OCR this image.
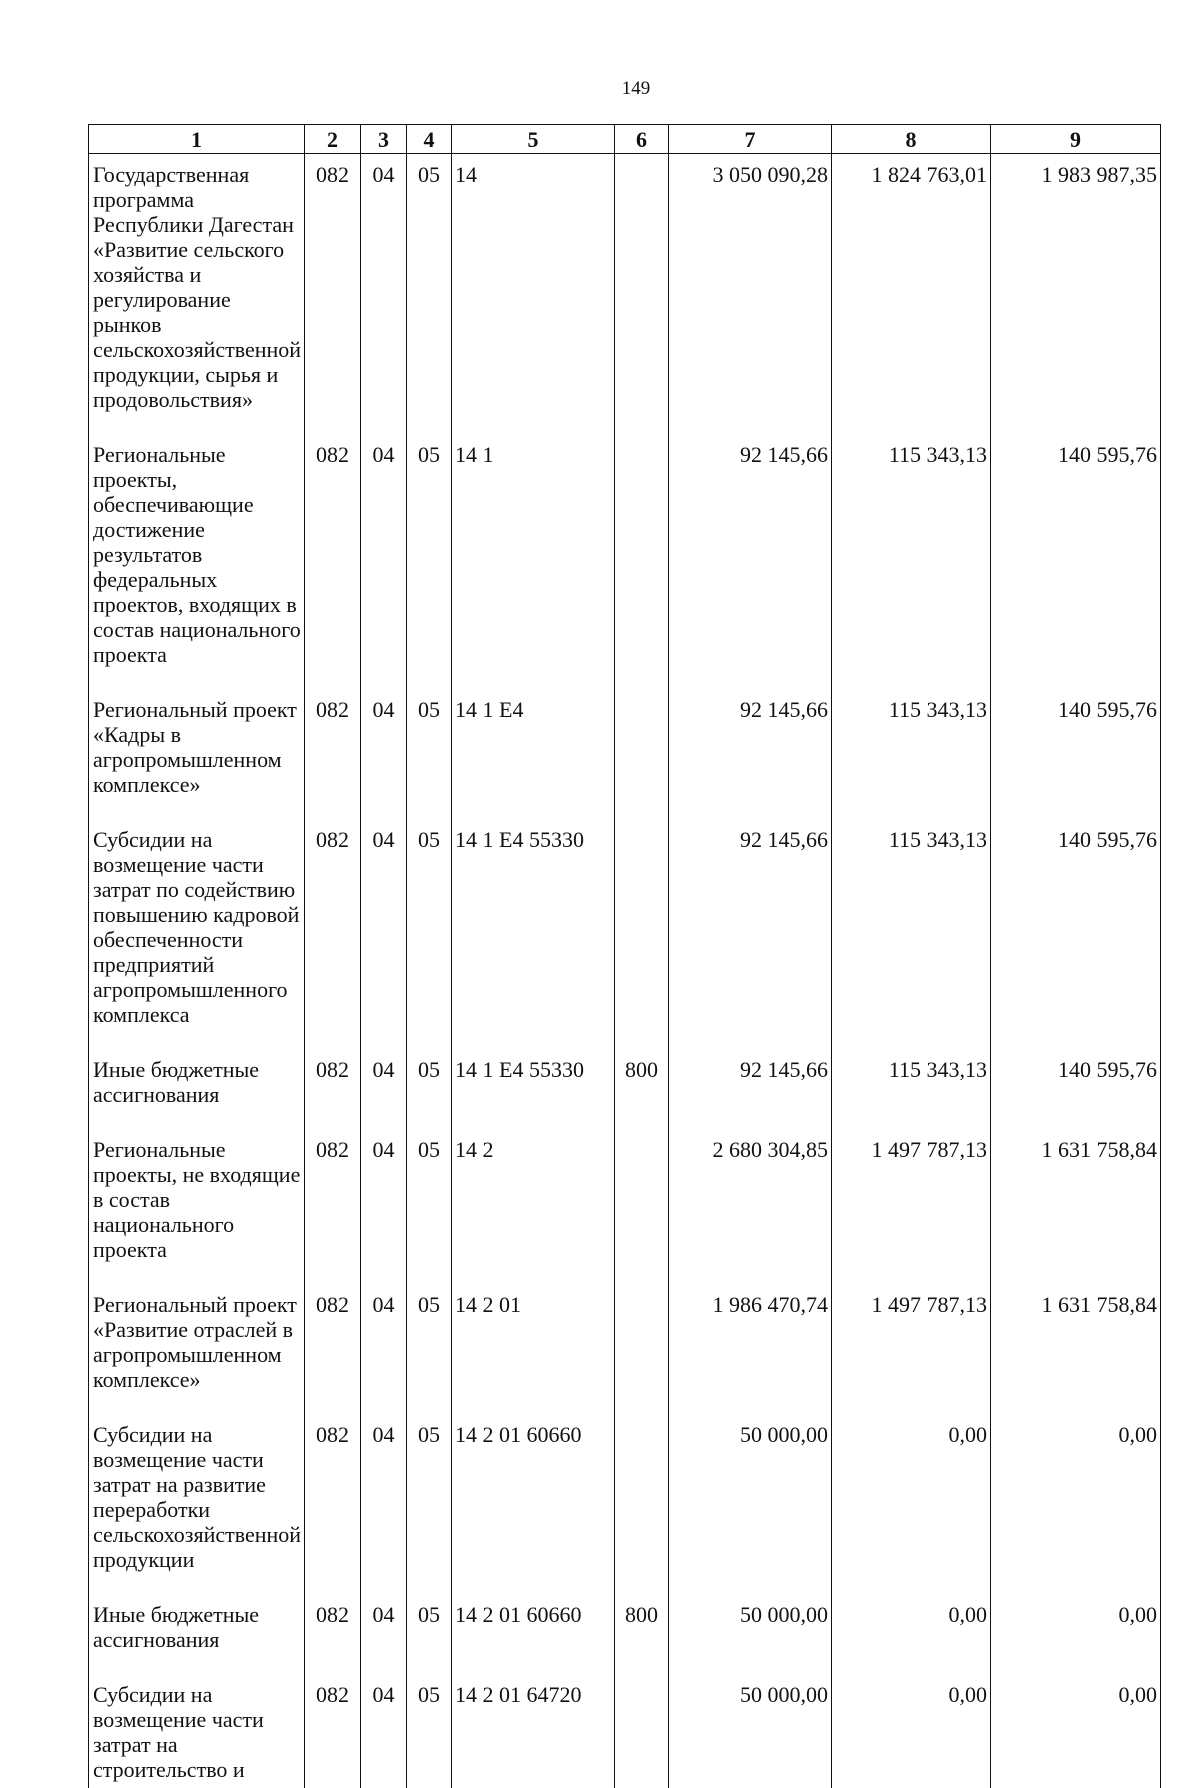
149
1	2	3	4	5	6	7	8	9
Государственная программа Республики Дагестан «Развитие сельского хозяйства и регулирование рынков сельскохозяйственной продукции, сырья и продовольствия»	082	04	05	14		3 050 090,28	1 824 763,01	1 983 987,35
Региональные проекты, обеспечивающие достижение результатов федеральных проектов, входящих в состав национального проекта	082	04	05	14 1		92 145,66	115 343,13	140 595,76
Региональный проект «Кадры в агропромышленном комплексе»	082	04	05	14 1 E4		92 145,66	115 343,13	140 595,76
Субсидии на возмещение части затрат по содействию повышению кадровой обеспеченности предприятий агропромышленного комплекса	082	04	05	14 1 E4 55330		92 145,66	115 343,13	140 595,76
Иные бюджетные ассигнования	082	04	05	14 1 E4 55330	800	92 145,66	115 343,13	140 595,76
Региональные проекты, не входящие в состав национального проекта	082	04	05	14 2		2 680 304,85	1 497 787,13	1 631 758,84
Региональный проект «Развитие отраслей в агропромышленном комплексе»	082	04	05	14 2 01		1 986 470,74	1 497 787,13	1 631 758,84
Субсидии на возмещение части затрат на развитие переработки сельскохозяйственной продукции	082	04	05	14 2 01 60660		50 000,00	0,00	0,00
Иные бюджетные ассигнования	082	04	05	14 2 01 60660	800	50 000,00	0,00	0,00
Субсидии на возмещение части затрат на строительство и	082	04	05	14 2 01 64720		50 000,00	0,00	0,00
